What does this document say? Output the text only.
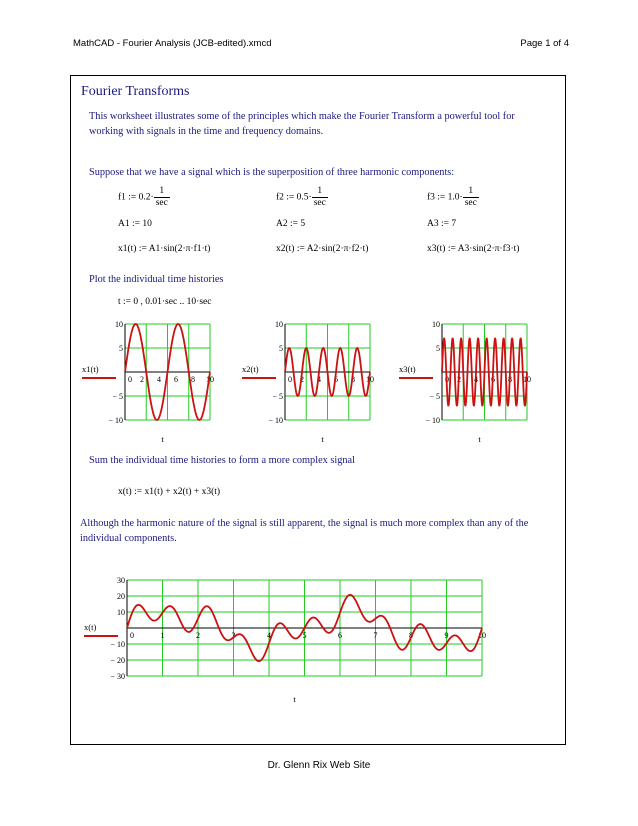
MathCAD - Fourier Analysis (JCB-edited).xmcd	Page 1 of 4
Fourier Transforms
This worksheet illustrates some of the principles which make the Fourier Transform a powerful tool for working with signals in the time and frequency domains.
Suppose that we have a signal which is the superposition of three harmonic components:
f1 := $0.2\cdot \frac{1}{\sec}$	f2 := $0.5\cdot \frac{1}{\sec}$	f3 := $1.0\cdot \frac{1}{\sec}$
A1 := 10	A2 := 5	A3 := 7
x1(t) := A1·sin(2·π·f1·t)	x2(t) := A2·sin(2·π·f2·t)	x3(t) := A3·sin(2·π·f3·t)
Plot the individual time histories
t := 0 , 0.01·sec .. 10·sec
0 2 4 6 8 10
10
5
− 5
− 10
x1(t)
t
0 2 4 6 8 10
10
5
− 5
− 10
x2(t)
t
0 2 4 6 8 10
10
5
− 5
− 10
x3(t)
t
Sum the individual time histories to form a more complex signal
x(t) := x1(t) + x2(t) + x3(t)
Although the harmonic nature of the signal is still apparent, the signal is much more complex than any of the individual components.
0	1	2	3	4	5	6	7	8	9	10
30
20
10
− 10
− 20
− 30
x(t)
t
Dr. Glenn Rix Web Site
